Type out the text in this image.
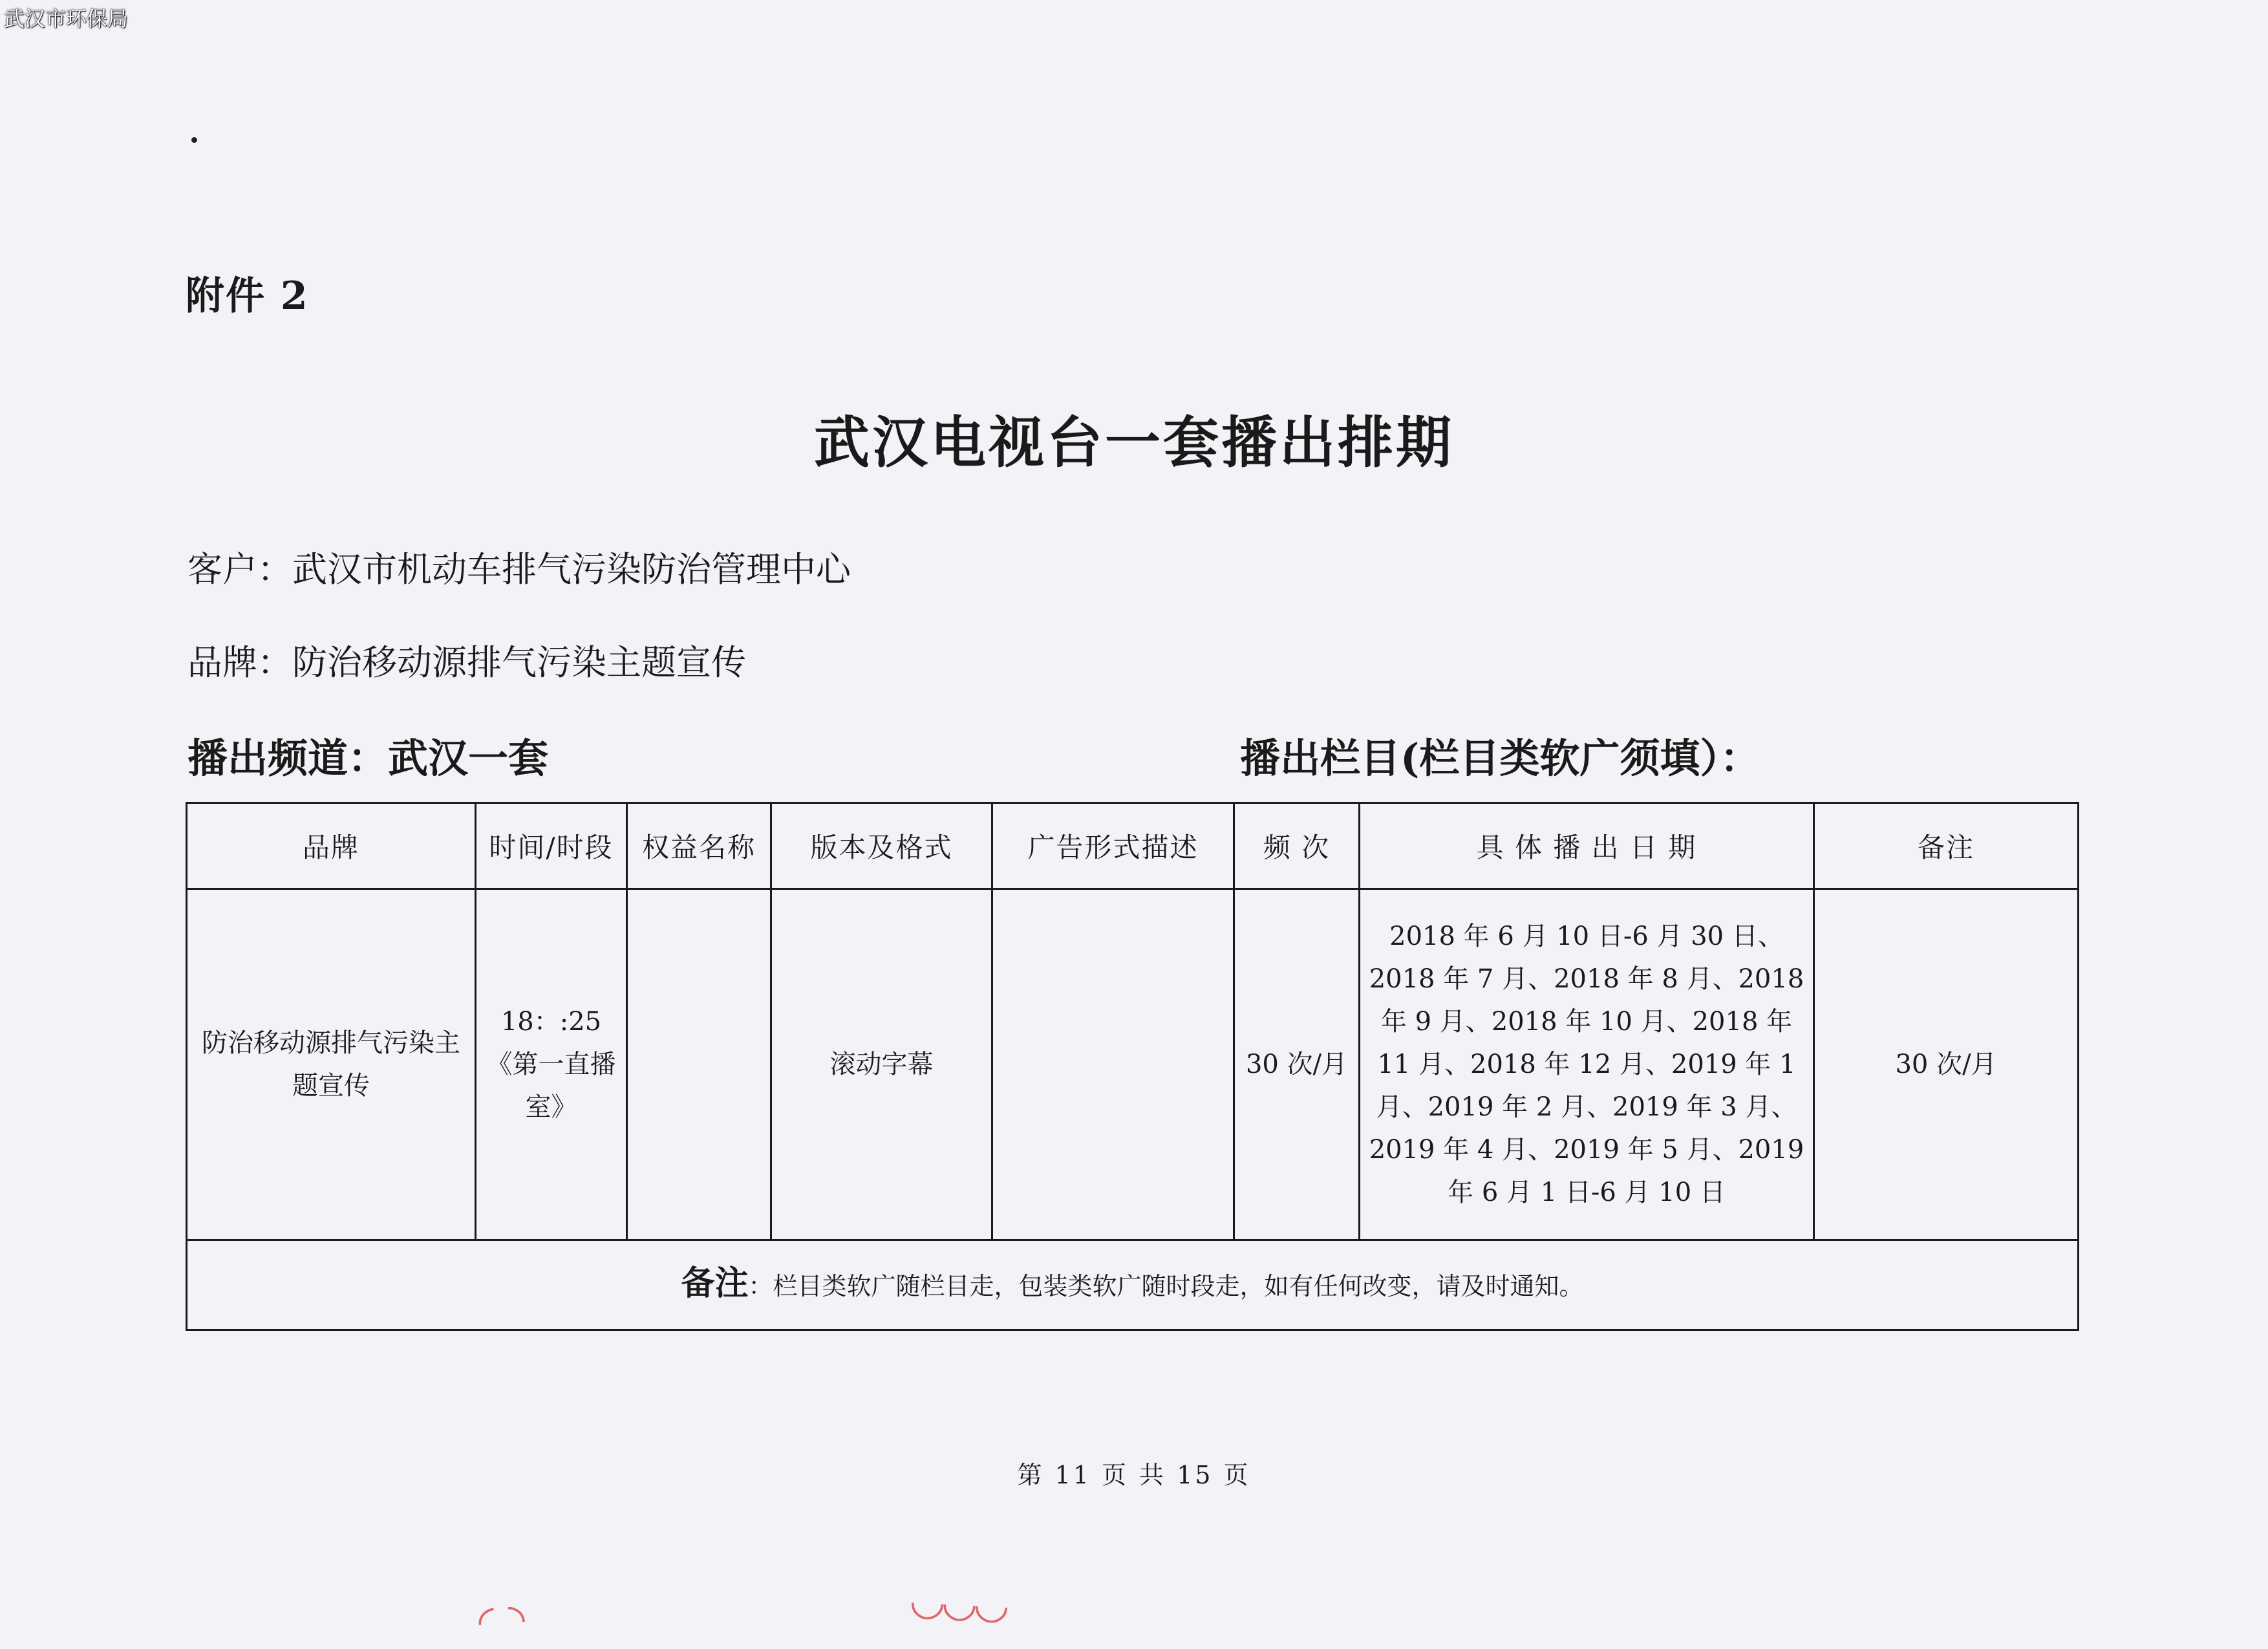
武汉市环保局
附件 2
武汉电视台一套播出排期
客户：武汉市机动车排气污染防治管理中心
品牌：防治移动源排气污染主题宣传
播出频道：武汉一套	播出栏目(栏目类软广须填）：
品牌	时间/时段	权益名称	版本及格式	广告形式描述	频 次	具 体 播 出 日 期	备注
防治移动源排气污染主题宣传	18：:25《第一直播室》		滚动字幕		30 次/月	2018 年 6 月 10 日-6 月 30 日、2018 年 7 月、2018 年 8 月、2018 年 9 月、2018 年 10 月、2018 年 11 月、2018 年 12 月、2019 年 1 月、2019 年 2 月、2019 年 3 月、2019 年 4 月、2019 年 5 月、2019 年 6 月 1 日-6 月 10 日	30 次/月
备注：栏目类软广随栏目走，包装类软广随时段走，如有任何改变，请及时通知。							
第 11 页 共 15 页
◜ ◝	◟◞◟◞◟◞
